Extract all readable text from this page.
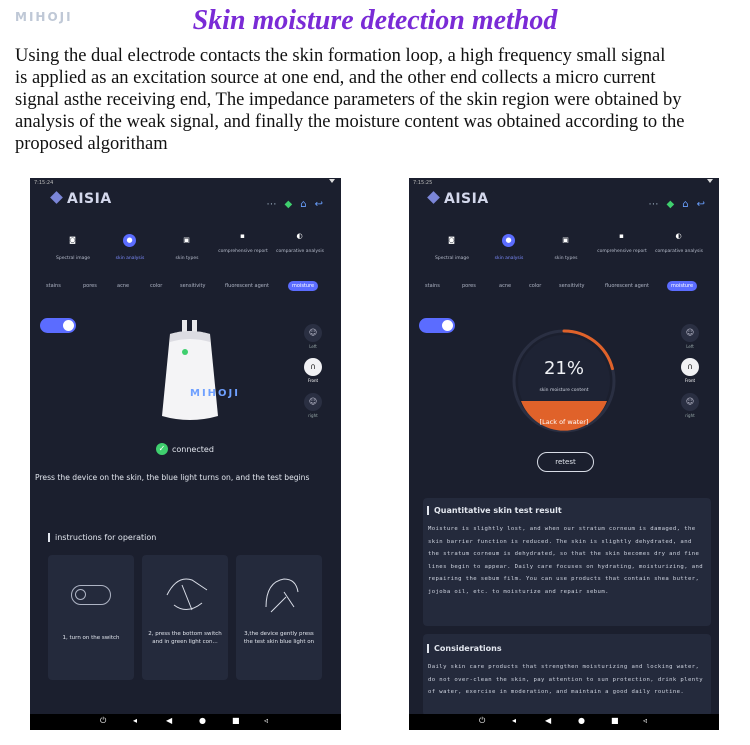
MIHOJI	Skin moisture detection method
Using the dual electrode contacts the skin formation loop, a high frequency small signal
is applied as an excitation source at one end, and the other end collects a micro current
signal asthe receiving end, The impedance parameters of the skin region were obtained by
analysis of the weak signal, and finally the moisture content was obtained according to the
proposed algoritham
7:15:24
AISIA	⋯ ◆ ⌂ ↩
◙	●	▣	▪	◐
Spectral image	skin analysis	skin types
comprehensive report comparative analysis
stains	pores	acne	color	sensitivity	fluorescent agent	moisture
☺
Left
∩
Front
☺
right
MIHOJI
✓ connected
Press the device on the skin, the blue light turns on, and the test begins
instructions for operation
1, turn on the switch
2, press the bottom switch and in green light con...
3,the device gently press the test skin blue light on
⏻	◂	◀	●	■	◃
7:15:25
AISIA	⋯ ◆ ⌂ ↩
◙	●	▣	▪	◐
Spectral image	skin analysis	skin types
comprehensive report comparative analysis
stains	pores	acne	color	sensitivity	fluorescent agent	moisture
☺
Left
∩
Front
☺
right
21%
skin moisture content
[Lack of water]
retest
Quantitative skin test result
Moisture is slightly lost, and when our stratum corneum is damaged, the skin barrier function is reduced. The skin is slightly dehydrated, and the stratum corneum is dehydrated, so that the skin becomes dry and fine lines begin to appear. Daily care focuses on hydrating, moisturizing, and repairing the sebum film. You can use products that contain shea butter, jojoba oil, etc. to moisturize and repair sebum.
Considerations
Daily skin care products that strengthen moisturizing and locking water, do not over-clean the skin, pay attention to sun protection, drink plenty of water, exercise in moderation, and maintain a good daily routine.
⏻	◂	◀	●	■	◃
